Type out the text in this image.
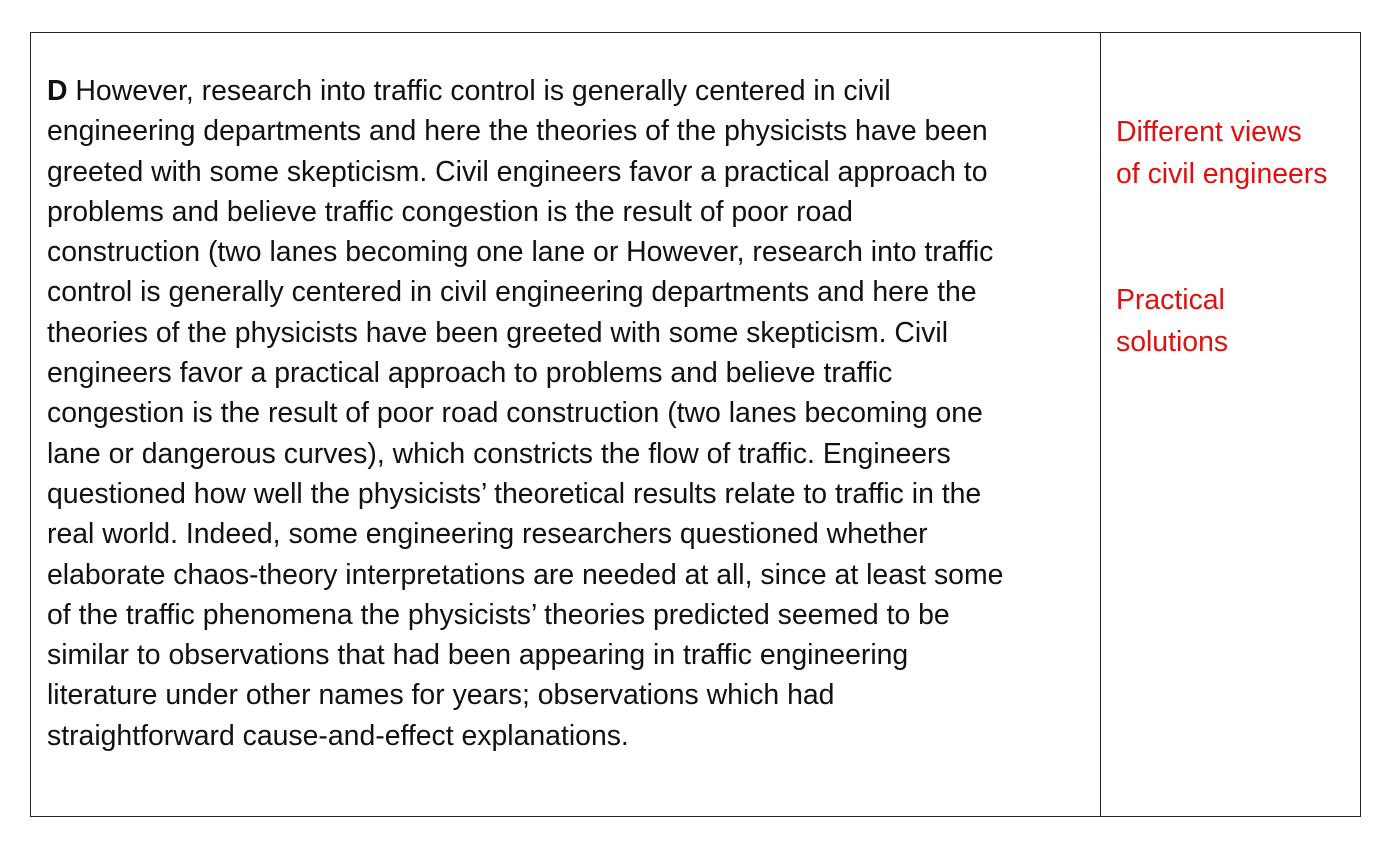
D However, research into traffic control is generally centered in civil
engineering departments and here the theories of the physicists have been
greeted with some skepticism. Civil engineers favor a practical approach to
problems and believe traffic congestion is the result of poor road
construction (two lanes becoming one lane or However, research into traffic
control is generally centered in civil engineering departments and here the
theories of the physicists have been greeted with some skepticism. Civil
engineers favor a practical approach to problems and believe traffic
congestion is the result of poor road construction (two lanes becoming one
lane or dangerous curves), which constricts the flow of traffic. Engineers
questioned how well the physicists’ theoretical results relate to traffic in the
real world. Indeed, some engineering researchers questioned whether
elaborate chaos-theory interpretations are needed at all, since at least some
of the traffic phenomena the physicists’ theories predicted seemed to be
similar to observations that had been appearing in traffic engineering
literature under other names for years; observations which had
straightforward cause-and-effect explanations.
Different views
of civil engineers
Practical
solutions
